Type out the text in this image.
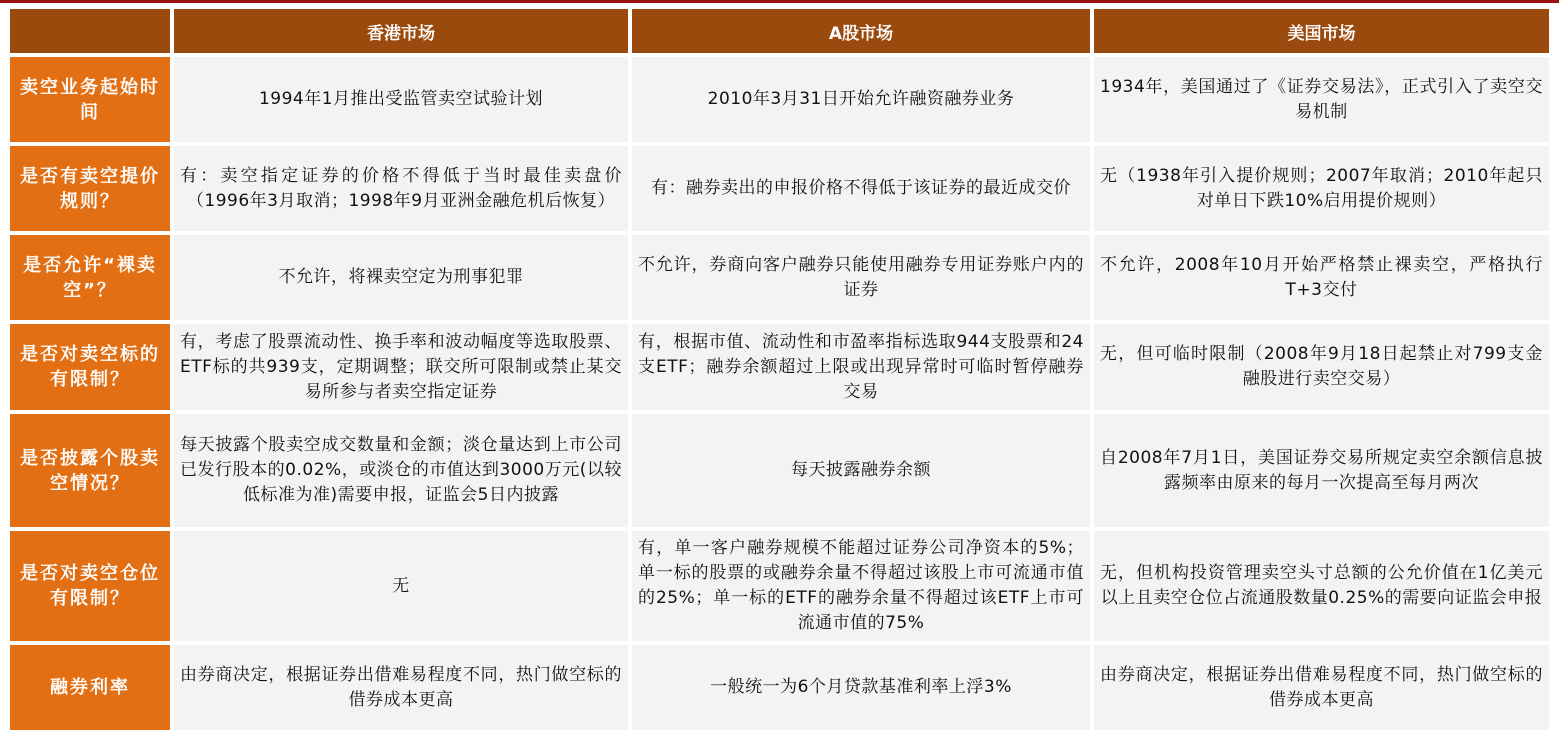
	香港市场	A股市场	美国市场
卖空业务起始时间	1994年1月推出受监管卖空试验计划	2010年3月31日开始允许融资融券业务	1934年，美国通过了《证券交易法》，正式引入了卖空交易机制
是否有卖空提价规则？	有：卖空指定证券的价格不得低于当时最佳卖盘价（1996年3月取消；1998年9月亚洲金融危机后恢复）	有：融券卖出的申报价格不得低于该证券的最近成交价	无（1938年引入提价规则；2007年取消；2010年起只对单日下跌10%启用提价规则）
是否允许“裸卖空”？	不允许，将裸卖空定为刑事犯罪	不允许，券商向客户融券只能使用融券专用证券账户内的证券	不允许，2008年10月开始严格禁止裸卖空，严格执行T+3交付
是否对卖空标的有限制？	有，考虑了股票流动性、换手率和波动幅度等选取股票、ETF标的共939支，定期调整；联交所可限制或禁止某交易所参与者卖空指定证券	有，根据市值、流动性和市盈率指标选取944支股票和24支ETF；融券余额超过上限或出现异常时可临时暂停融券交易	无，但可临时限制（2008年9月18日起禁止对799支金融股进行卖空交易）
是否披露个股卖空情况？	每天披露个股卖空成交数量和金额；淡仓量达到上市公司已发行股本的0.02%，或淡仓的市值达到3000万元(以较低标准为准)需要申报，证监会5日内披露	每天披露融券余额	自2008年7月1日，美国证券交易所规定卖空余额信息披露频率由原来的每月一次提高至每月两次
是否对卖空仓位有限制？	无	有，单一客户融券规模不能超过证券公司净资本的5%；单一标的股票的或融券余量不得超过该股上市可流通市值的25%；单一标的ETF的融券余量不得超过该ETF上市可流通市值的75%	无，但机构投资管理卖空头寸总额的公允价值在1亿美元以上且卖空仓位占流通股数量0.25%的需要向证监会申报
融券利率	由券商决定，根据证券出借难易程度不同，热门做空标的借券成本更高	一般统一为6个月贷款基准利率上浮3%	由券商决定，根据证券出借难易程度不同，热门做空标的借券成本更高
